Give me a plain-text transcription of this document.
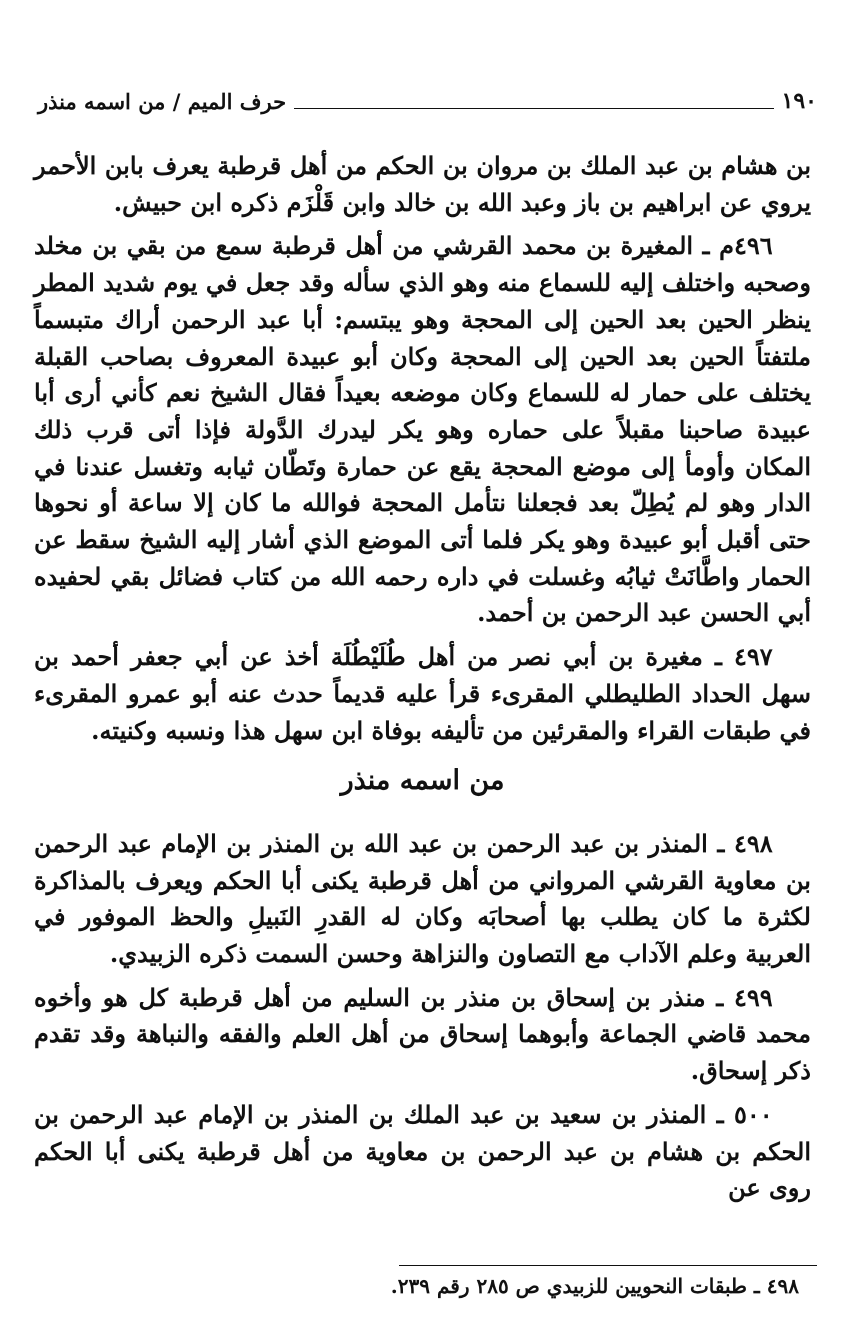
حرف الميم / من اسمه منذر	١٩٠

بن هشام بن عبد الملك بن مروان بن الحكم من أهل قرطبة يعرف بابن الأحمر يروي عن ابراهيم بن باز وعبد الله بن خالد وابن قَلْزَم ذكره ابن حبيش.

٤٩٦م ـ المغيرة بن محمد القرشي من أهل قرطبة سمع من بقي بن مخلد وصحبه واختلف إليه للسماع منه وهو الذي سأله وقد جعل في يوم شديد المطر ينظر الحين بعد الحين إلى المحجة وهو يبتسم: أبا عبد الرحمن أراك متبسماً ملتفتاً الحين بعد الحين إلى المحجة وكان أبو عبيدة المعروف بصاحب القبلة يختلف على حمار له للسماع وكان موضعه بعيداً فقال الشيخ نعم كأني أرى أبا عبيدة صاحبنا مقبلاً على حماره وهو يكر ليدرك الدَّولة فإذا أتى قرب ذلك المكان وأومأ إلى موضع المحجة يقع عن حمارة وتَطّان ثيابه وتغسل عندنا في الدار وهو لم يُطِلّ بعد فجعلنا نتأمل المحجة فوالله ما كان إلا ساعة أو نحوها حتى أقبل أبو عبيدة وهو يكر فلما أتى الموضع الذي أشار إليه الشيخ سقط عن الحمار واطَّانَتْ ثيابُه وغسلت في داره رحمه الله من كتاب فضائل بقي لحفيده أبي الحسن عبد الرحمن بن أحمد.

٤٩٧ ـ مغيرة بن أبي نصر من أهل طُلَيْطُلَة أخذ عن أبي جعفر أحمد بن سهل الحداد الطليطلي المقرىء قرأ عليه قديماً حدث عنه أبو عمرو المقرىء في طبقات القراء والمقرئين من تأليفه بوفاة ابن سهل هذا ونسبه وكنيته.

من اسمه منذر

٤٩٨ ـ المنذر بن عبد الرحمن بن عبد الله بن المنذر بن الإمام عبد الرحمن بن معاوية القرشي المرواني من أهل قرطبة يكنى أبا الحكم ويعرف بالمذاكرة لكثرة ما كان يطلب بها أصحابَه وكان له القدرِ النَبيلِ والحظ الموفور في العربية وعلم الآداب مع التصاون والنزاهة وحسن السمت ذكره الزبيدي.

٤٩٩ ـ منذر بن إسحاق بن منذر بن السليم من أهل قرطبة كل هو وأخوه محمد قاضي الجماعة وأبوهما إسحاق من أهل العلم والفقه والنباهة وقد تقدم ذكر إسحاق.

٥٠٠ ـ المنذر بن سعيد بن عبد الملك بن المنذر بن الإمام عبد الرحمن بن الحكم بن هشام بن عبد الرحمن بن معاوية من أهل قرطبة يكنى أبا الحكم روى عن

٤٩٨ ـ طبقات النحويين للزبيدي ص ٢٨٥ رقم ٢٣٩.
